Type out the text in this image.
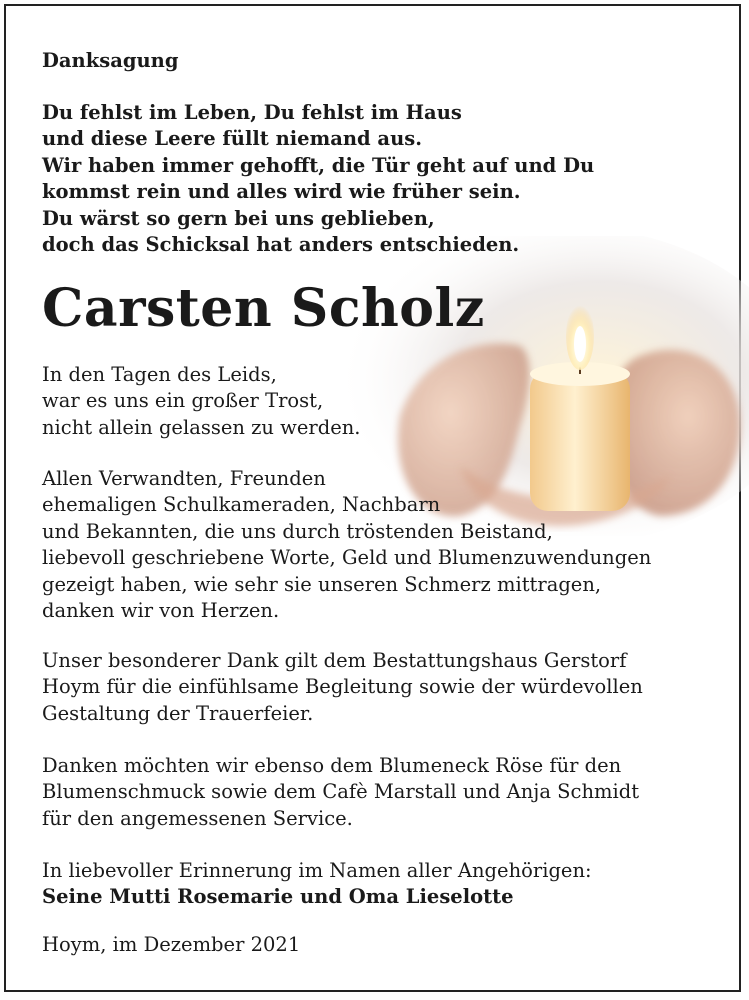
Danksagung
Du fehlst im Leben, Du fehlst im Haus
und diese Leere füllt niemand aus.
Wir haben immer gehofft, die Tür geht auf und Du
kommst rein und alles wird wie früher sein.
Du wärst so gern bei uns geblieben,
doch das Schicksal hat anders entschieden.
Carsten Scholz
In den Tagen des Leids,
war es uns ein großer Trost,
nicht allein gelassen zu werden.
Allen Verwandten, Freunden
ehemaligen Schulkameraden, Nachbarn
und Bekannten, die uns durch tröstenden Beistand,
liebevoll geschriebene Worte, Geld und Blumenzuwendungen
gezeigt haben, wie sehr sie unseren Schmerz mittragen,
danken wir von Herzen.
Unser besonderer Dank gilt dem Bestattungshaus Gerstorf
Hoym für die einfühlsame Begleitung sowie der würdevollen
Gestaltung der Trauerfeier.
Danken möchten wir ebenso dem Blumeneck Röse für den
Blumenschmuck sowie dem Cafè Marstall und Anja Schmidt
für den angemessenen Service.
In liebevoller Erinnerung im Namen aller Angehörigen:
Seine Mutti Rosemarie und Oma Lieselotte
Hoym, im Dezember 2021
